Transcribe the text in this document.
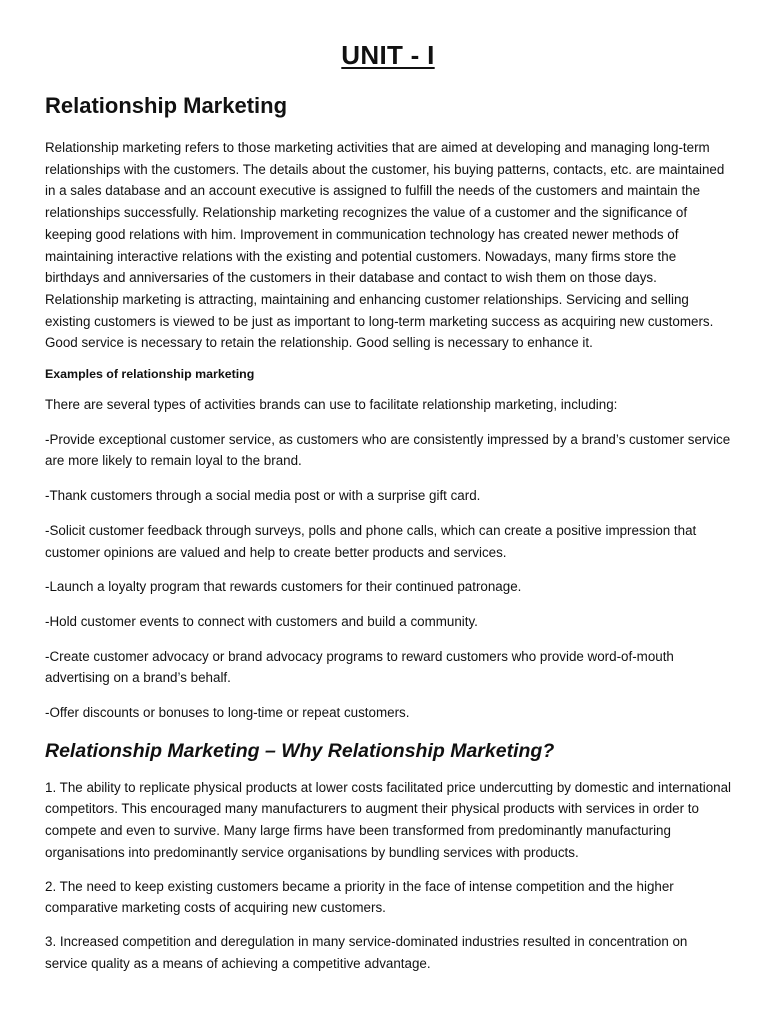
UNIT - I
Relationship Marketing

Relationship marketing refers to those marketing activities that are aimed at developing and managing long-term relationships with the customers. The details about the customer, his buying patterns, contacts, etc. are maintained in a sales database and an account executive is assigned to fulfill the needs of the customers and maintain the relationships successfully. Relationship marketing recognizes the value of a customer and the significance of keeping good relations with him. Improvement in communication technology has created newer methods of maintaining interactive relations with the existing and potential customers. Nowadays, many firms store the birthdays and anniversaries of the customers in their database and contact to wish them on those days. Relationship marketing is attracting, maintaining and enhancing customer relationships. Servicing and selling existing customers is viewed to be just as important to long-term marketing success as acquiring new customers. Good service is necessary to retain the relationship. Good selling is necessary to enhance it.

Examples of relationship marketing

There are several types of activities brands can use to facilitate relationship marketing, including:

-Provide exceptional customer service, as customers who are consistently impressed by a brand’s customer service are more likely to remain loyal to the brand.

-Thank customers through a social media post or with a surprise gift card.

-Solicit customer feedback through surveys, polls and phone calls, which can create a positive impression that customer opinions are valued and help to create better products and services.

-Launch a loyalty program that rewards customers for their continued patronage.

-Hold customer events to connect with customers and build a community.

-Create customer advocacy or brand advocacy programs to reward customers who provide word-of-mouth advertising on a brand’s behalf.

-Offer discounts or bonuses to long-time or repeat customers.

Relationship Marketing – Why Relationship Marketing?

1. The ability to replicate physical products at lower costs facilitated price undercutting by domestic and international competitors. This encouraged many manufacturers to augment their physical products with services in order to compete and even to survive. Many large firms have been transformed from predominantly manufacturing organisations into predominantly service organisations by bundling services with products.

2. The need to keep existing customers became a priority in the face of intense competition and the higher comparative marketing costs of acquiring new customers.

3. Increased competition and deregulation in many service-dominated industries resulted in concentration on service quality as a means of achieving a competitive advantage.
